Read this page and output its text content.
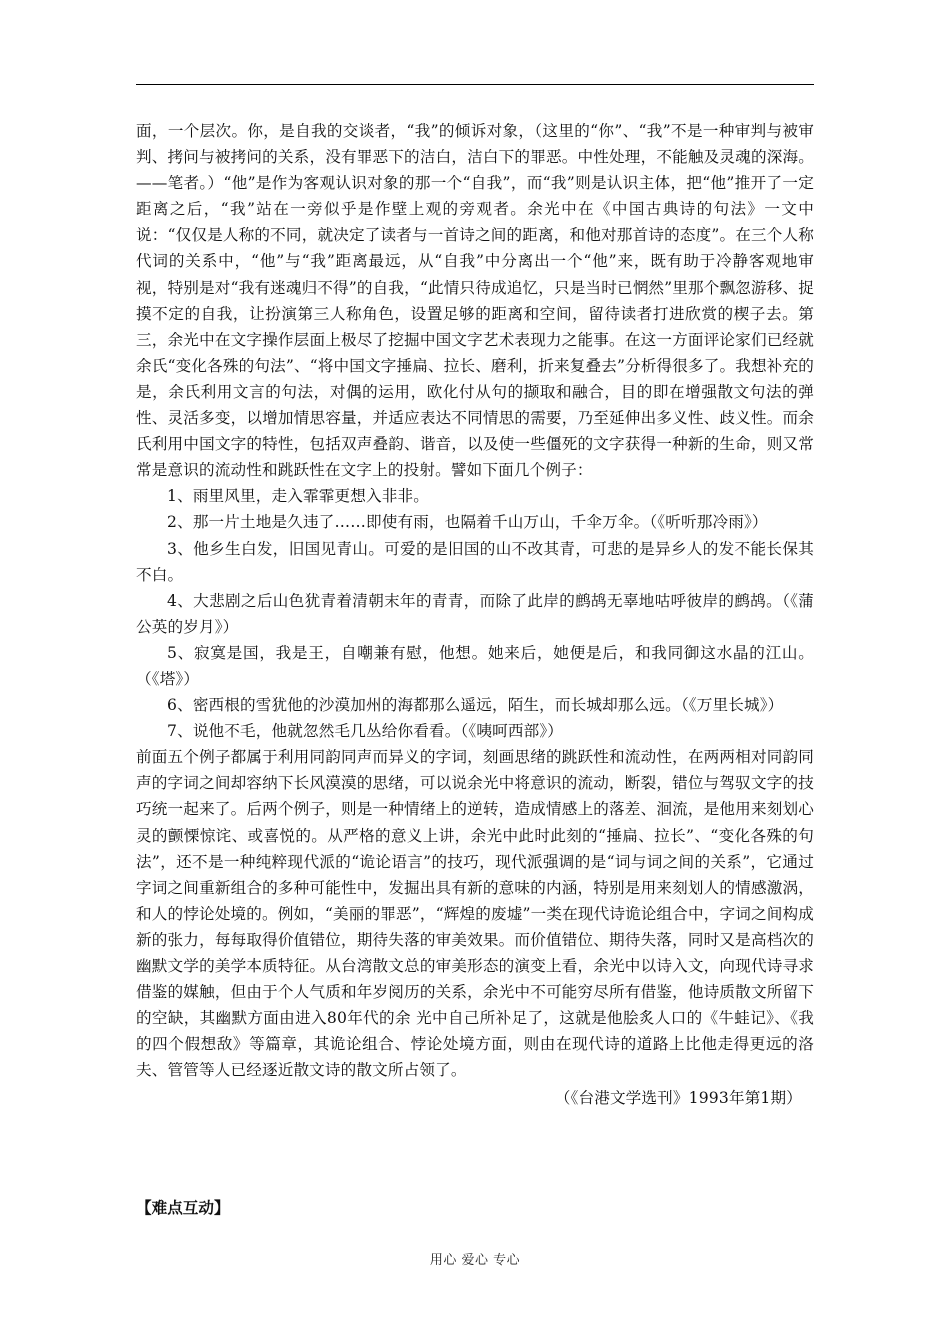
面，一个层次。你，是自我的交谈者，“我”的倾诉对象，（这里的“你”、“我”不是一种审判与被审判、拷问与被拷问的关系，没有罪恶下的洁白，洁白下的罪恶。中性处理，不能触及灵魂的深海。——笔者。）“他”是作为客观认识对象的那一个“自我”，而“我”则是认识主体，把“他”推开了一定距离之后，“我”站在一旁似乎是作壁上观的旁观者。余光中在《中国古典诗的句法》一文中说：“仅仅是人称的不同，就决定了读者与一首诗之间的距离，和他对那首诗的态度”。在三个人称代词的关系中，“他”与“我”距离最远，从“自我”中分离出一个“他”来，既有助于冷静客观地审视，特别是对“我有迷魂归不得”的自我，“此情只待成追忆，只是当时已惘然”里那个飘忽游移、捉摸不定的自我，让扮演第三人称角色，设置足够的距离和空间，留待读者打进欣赏的楔子去。第三，余光中在文字操作层面上极尽了挖掘中国文字艺术表现力之能事。在这一方面评论家们已经就余氏“变化各殊的句法”、“将中国文字捶扁、拉长、磨利，折来复叠去”分析得很多了。我想补充的是，余氏利用文言的句法，对偶的运用，欧化付从句的撷取和融合，目的即在增强散文句法的弹性、灵活多变，以增加情思容量，并适应表达不同情思的需要，乃至延伸出多义性、歧义性。而余氏利用中国文字的特性，包括双声叠韵、谐音，以及使一些僵死的文字获得一种新的生命，则又常常是意识的流动性和跳跃性在文字上的投射。譬如下面几个例子：

1、雨里风里，走入霏霏更想入非非。

2、那一片土地是久违了……即使有雨，也隔着千山万山，千伞万伞。（《听听那冷雨》）

3、他乡生白发，旧国见青山。可爱的是旧国的山不改其青，可悲的是异乡人的发不能长保其不白。

4、大悲剧之后山色犹青着清朝末年的青青，而除了此岸的鹧鸪无辜地咕呼彼岸的鹧鸪。（《蒲公英的岁月》）

5、寂寞是国，我是王，自嘲兼有慰，他想。她来后，她便是后，和我同御这水晶的江山。（《塔》）

6、密西根的雪犹他的沙漠加州的海都那么遥远，陌生，而长城却那么远。（《万里长城》）

7、说他不毛，他就忽然毛几丛给你看看。（《咦呵西部》）

前面五个例子都属于利用同韵同声而异义的字词，刻画思绪的跳跃性和流动性，在两两相对同韵同声的字词之间却容纳下长风漠漠的思绪，可以说余光中将意识的流动，断裂，错位与驾驭文字的技巧统一起来了。后两个例子，则是一种情绪上的逆转，造成情感上的落差、洄流，是他用来刻划心灵的颤慄惊诧、或喜悦的。从严格的意义上讲，余光中此时此刻的“捶扁、拉长”、“变化各殊的句法”，还不是一种纯粹现代派的“诡论语言”的技巧，现代派强调的是“词与词之间的关系”，它通过字词之间重新组合的多种可能性中，发掘出具有新的意味的内涵，特别是用来刻划人的情感激涡，和人的悖论处境的。例如，“美丽的罪恶”，“辉煌的废墟”一类在现代诗诡论组合中，字词之间构成新的张力，每每取得价值错位，期待失落的审美效果。而价值错位、期待失落，同时又是高档次的幽默文学的美学本质特征。从台湾散文总的审美形态的演变上看，余光中以诗入文，向现代诗寻求借鉴的媒触，但由于个人气质和年岁阅历的关系，余光中不可能穷尽所有借鉴，他诗质散文所留下的空缺，其幽默方面由进入80年代的余 光中自己所补足了，这就是他脍炙人口的《牛蛙记》、《我的四个假想敌》等篇章，其诡论组合、悖论处境方面，则由在现代诗的道路上比他走得更远的洛夫、管管等人已经逐近散文诗的散文所占领了。

（《台港文学选刊》1993年第1期）

【难点互动】
用心 爱心 专心
